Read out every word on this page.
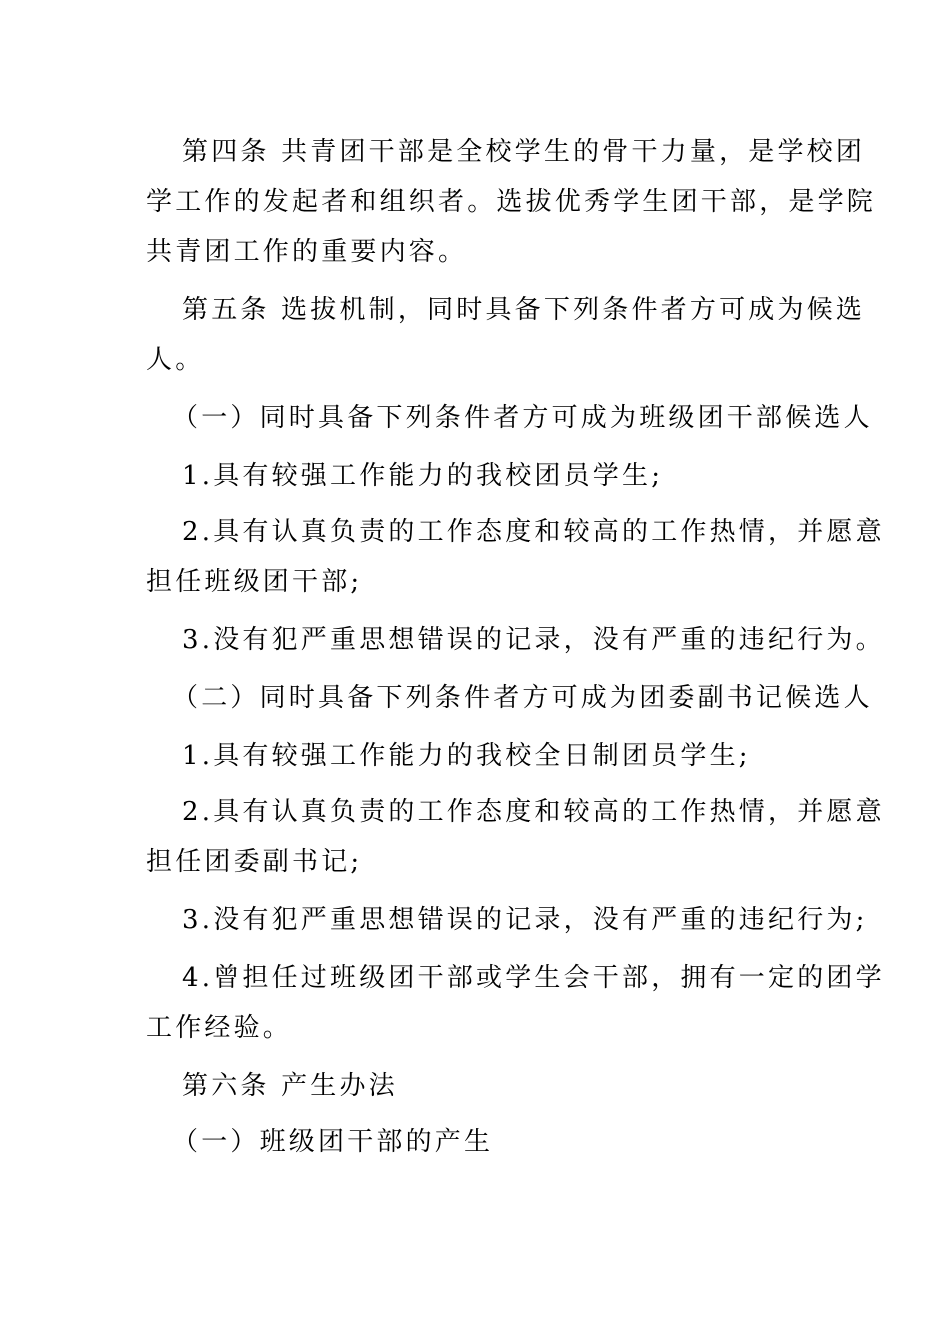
第四条 共青团干部是全校学生的骨干力量，是学校团
学工作的发起者和组织者。选拔优秀学生团干部，是学院
共青团工作的重要内容。
第五条 选拔机制，同时具备下列条件者方可成为候选
人。
（一）同时具备下列条件者方可成为班级团干部候选人
1.具有较强工作能力的我校团员学生;
2.具有认真负责的工作态度和较高的工作热情，并愿意
担任班级团干部;
3.没有犯严重思想错误的记录，没有严重的违纪行为。
（二）同时具备下列条件者方可成为团委副书记候选人
1.具有较强工作能力的我校全日制团员学生;
2.具有认真负责的工作态度和较高的工作热情，并愿意
担任团委副书记;
3.没有犯严重思想错误的记录，没有严重的违纪行为;
4.曾担任过班级团干部或学生会干部，拥有一定的团学
工作经验。
第六条 产生办法
（一）班级团干部的产生
